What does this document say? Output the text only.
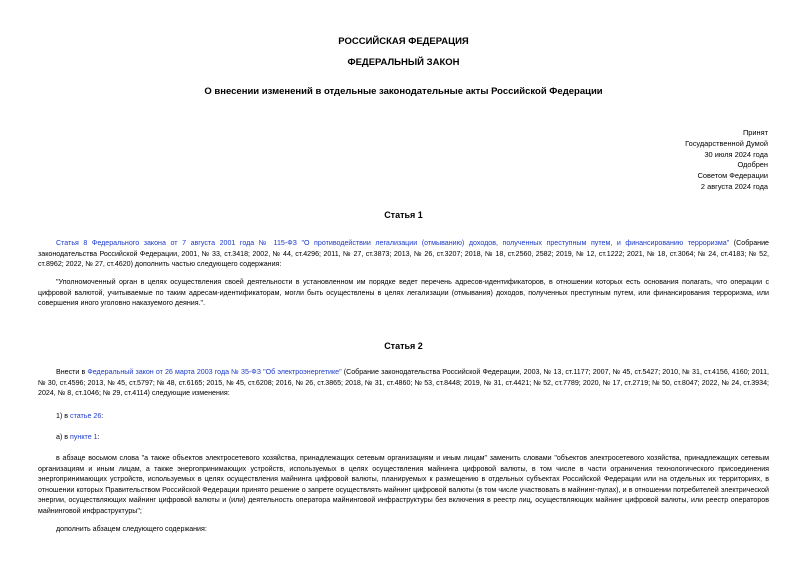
РОССИЙСКАЯ ФЕДЕРАЦИЯ
ФЕДЕРАЛЬНЫЙ ЗАКОН
О внесении изменений в отдельные законодательные акты Российской Федерации
Принят
Государственной Думой
30 июля 2024 года
Одобрен
Советом Федерации
2 августа 2024 года
Статья 1
Статья 8 Федерального закона от 7 августа 2001 года № 115-ФЗ "О противодействии легализации (отмыванию) доходов, полученных преступным путем, и финансированию терроризма" (Собрание законодательства Российской Федерации, 2001, № 33, ст.3418; 2002, № 44, ст.4296; 2011, № 27, ст.3873; 2013, № 26, ст.3207; 2018, № 18, ст.2560, 2582; 2019, № 12, ст.1222; 2021, № 18, ст.3064; № 24, ст.4183; № 52, ст.8962; 2022, № 27, ст.4620) дополнить частью следующего содержания:
"Уполномоченный орган в целях осуществления своей деятельности в установленном им порядке ведет перечень адресов-идентификаторов, в отношении которых есть основания полагать, что операции с цифровой валютой, учитываемые по таким адресам-идентификаторам, могли быть осуществлены в целях легализации (отмывания) доходов, полученных преступным путем, или финансирования терроризма, или совершения иного уголовно наказуемого деяния.".
Статья 2
Внести в Федеральный закон от 26 марта 2003 года № 35-ФЗ "Об электроэнергетике" (Собрание законодательства Российской Федерации, 2003, № 13, ст.1177; 2007, № 45, ст.5427; 2010, № 31, ст.4156, 4160; 2011, № 30, ст.4596; 2013, № 45, ст.5797; № 48, ст.6165; 2015, № 45, ст.6208; 2016, № 26, ст.3865; 2018, № 31, ст.4860; № 53, ст.8448; 2019, № 31, ст.4421; № 52, ст.7789; 2020, № 17, ст.2719; № 50, ст.8047; 2022, № 24, ст.3934; 2024, № 8, ст.1046; № 29, ст.4114) следующие изменения:
1) в статье 26:
а) в пункте 1:
в абзаце восьмом слова "а также объектов электросетевого хозяйства, принадлежащих сетевым организациям и иным лицам" заменить словами "объектов электросетевого хозяйства, принадлежащих сетевым организациям и иным лицам, а также энергопринимающих устройств, используемых в целях осуществления майнинга цифровой валюты, в том числе в части ограничения технологического присоединения энергопринимающих устройств, используемых в целях осуществления майнинга цифровой валюты, планируемых к размещению в отдельных субъектах Российской Федерации или на отдельных их территориях, в отношении которых Правительством Российской Федерации принято решение о запрете осуществлять майнинг цифровой валюты (в том числе участвовать в майнинг-пулах), и в отношении потребителей электрической энергии, осуществляющих майнинг цифровой валюты и (или) деятельность оператора майнинговой инфраструктуры без включения в реестр лиц, осуществляющих майнинг цифровой валюты, или реестр операторов майнинговой инфраструктуры";
дополнить абзацем следующего содержания:
